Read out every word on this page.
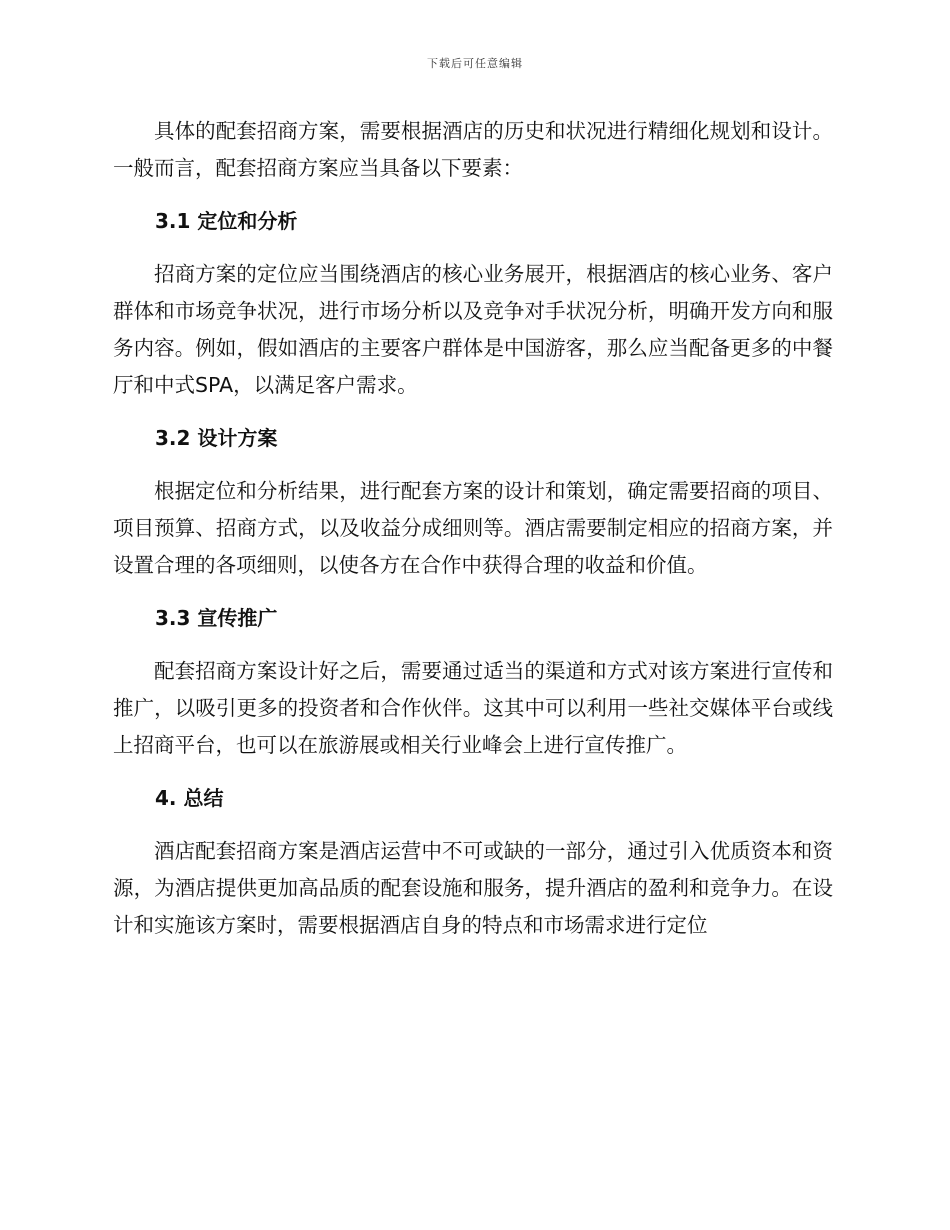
下载后可任意编辑

具体的配套招商方案，需要根据酒店的历史和状况进行精细化规划和设计。一般而言，配套招商方案应当具备以下要素：

3.1 定位和分析

招商方案的定位应当围绕酒店的核心业务展开，根据酒店的核心业务、客户群体和市场竞争状况，进行市场分析以及竞争对手状况分析，明确开发方向和服务内容。例如，假如酒店的主要客户群体是中国游客，那么应当配备更多的中餐厅和中式SPA，以满足客户需求。

3.2 设计方案

根据定位和分析结果，进行配套方案的设计和策划，确定需要招商的项目、项目预算、招商方式，以及收益分成细则等。酒店需要制定相应的招商方案，并设置合理的各项细则，以使各方在合作中获得合理的收益和价值。

3.3 宣传推广

配套招商方案设计好之后，需要通过适当的渠道和方式对该方案进行宣传和推广，以吸引更多的投资者和合作伙伴。这其中可以利用一些社交媒体平台或线上招商平台，也可以在旅游展或相关行业峰会上进行宣传推广。

4. 总结

酒店配套招商方案是酒店运营中不可或缺的一部分，通过引入优质资本和资源，为酒店提供更加高品质的配套设施和服务，提升酒店的盈利和竞争力。在设计和实施该方案时，需要根据酒店自身的特点和市场需求进行定位
